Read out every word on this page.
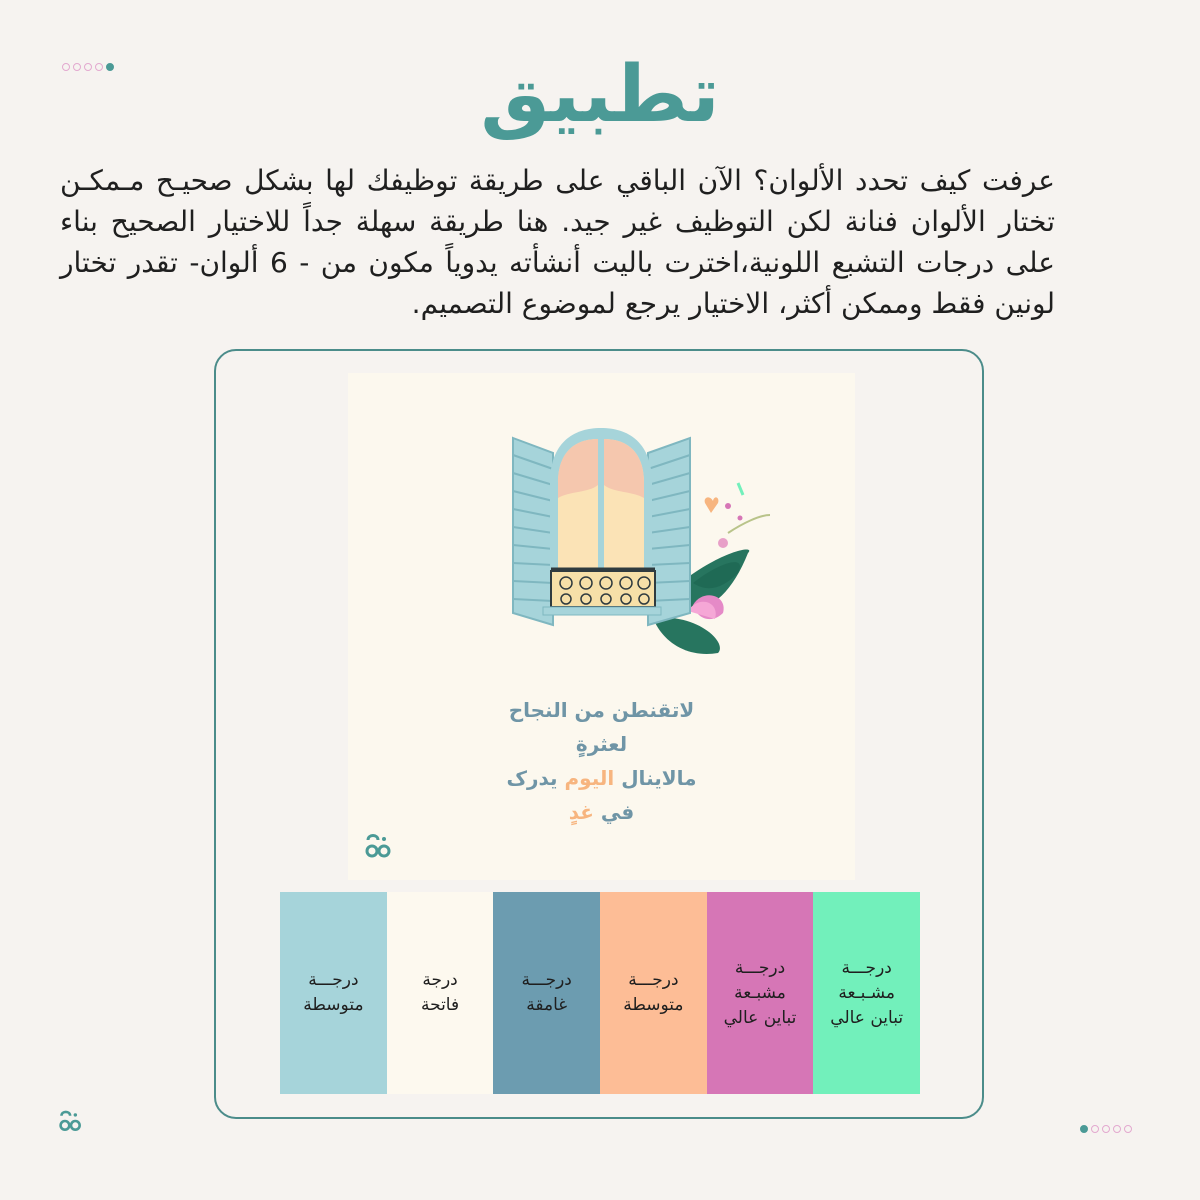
تطبيق
عرفت كيف تحدد الألوان؟ الآن الباقي على طريقة توظيفك لها بشكل صحيـح مـمكـن تختار الألوان فنانة لكن التوظيف غير جيد. هنا طريقة سهلة جداً للاختيار الصحيح بناء على درجات التشبع اللونية،اخترت باليت أنشأته يدوياً مكون من - 6 ألوان- تقدر تختار لونين فقط وممكن أكثر، الاختيار يرجع لموضوع التصميم.
لاتقنطن من النجاح لعثرةٍ
مالاينال اليوم يدرک في غدٍ
درجـــة
مشـبـعة
تباين عالي
درجـــة
مشبـعة
تباين عالي
درجـــة
متوسطة
درجـــة
غامقة
درجة
فاتحة
درجـــة
متوسطة
